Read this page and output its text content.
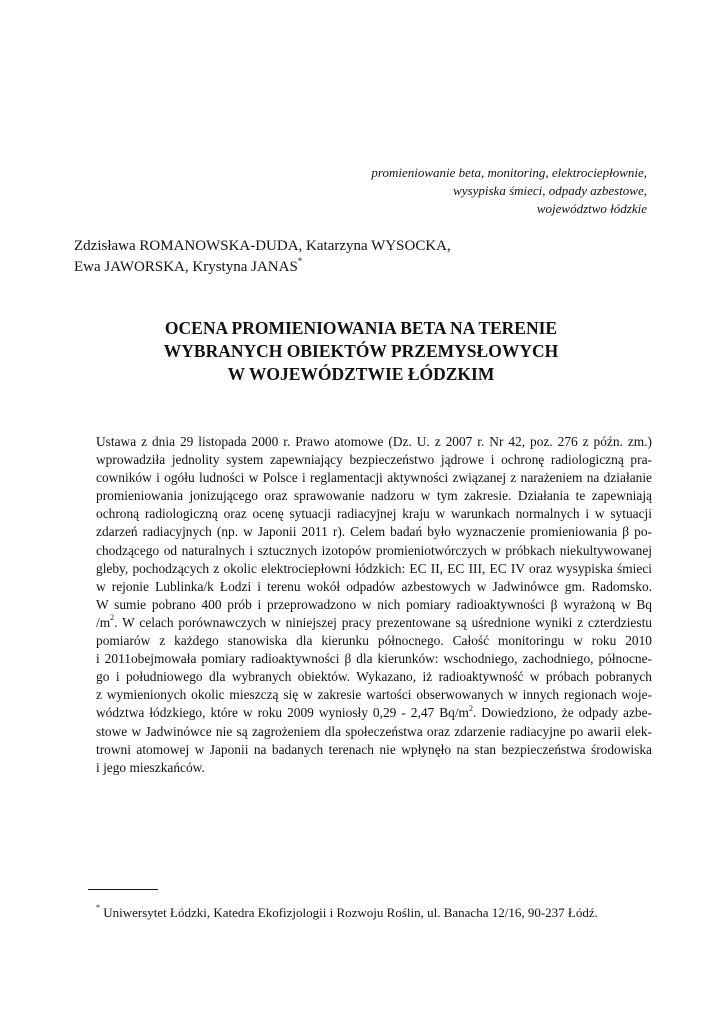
promieniowanie beta, monitoring, elektrociepłownie,
wysypiska śmieci, odpady azbestowe,
województwo łódzkie
Zdzisława ROMANOWSKA-DUDA, Katarzyna WYSOCKA,
Ewa JAWORSKA, Krystyna JANAS*
OCENA PROMIENIOWANIA BETA NA TERENIE
WYBRANYCH OBIEKTÓW PRZEMYSŁOWYCH
W WOJEWÓDZTWIE ŁÓDZKIM
Ustawa z dnia 29 listopada 2000 r. Prawo atomowe (Dz. U. z 2007 r. Nr 42, poz. 276 z późn. zm.)
wprowadziła jednolity system zapewniający bezpieczeństwo jądrowe i ochronę radiologiczną pra-
cowników i ogółu ludności w Polsce i reglamentacji aktywności związanej z narażeniem na działanie
promieniowania jonizującego oraz sprawowanie nadzoru w tym zakresie. Działania te zapewniają
ochroną radiologiczną oraz ocenę sytuacji radiacyjnej kraju w warunkach normalnych i w sytuacji
zdarzeń radiacyjnych (np. w Japonii 2011 r). Celem badań było wyznaczenie promieniowania β po-
chodzącego od naturalnych i sztucznych izotopów promieniotwórczych w próbkach niekultywowanej
gleby, pochodzących z okolic elektrociepłowni łódzkich: EC II, EC III, EC IV oraz wysypiska śmieci
w rejonie Lublinka/k Łodzi i terenu wokół odpadów azbestowych w Jadwinówce gm. Radomsko.
W sumie pobrano 400 prób i przeprowadzono w nich pomiary radioaktywności β wyrażoną w Bq
$/m^2$. W celach porównawczych w niniejszej pracy prezentowane są uśrednione wyniki z czterdziestu
pomiarów z każdego stanowiska dla kierunku północnego. Całość monitoringu w roku 2010
i 2011obejmowała pomiary radioaktywności β dla kierunków: wschodniego, zachodniego, północne-
go i południowego dla wybranych obiektów. Wykazano, iż radioaktywność w próbach pobranych
z wymienionych okolic mieszczą się w zakresie wartości obserwowanych w innych regionach woje-
wództwa łódzkiego, które w roku 2009 wyniosły 0,29 - 2,47 $Bq/m^2$. Dowiedziono, że odpady azbe-
stowe w Jadwinówce nie są zagrożeniem dla społeczeństwa oraz zdarzenie radiacyjne po awarii elek-
trowni atomowej w Japonii na badanych terenach nie wpłynęło na stan bezpieczeństwa środowiska
i jego mieszkańców.
* Uniwersytet Łódzki, Katedra Ekofizjologii i Rozwoju Roślin, ul. Banacha 12/16, 90-237 Łódź.
